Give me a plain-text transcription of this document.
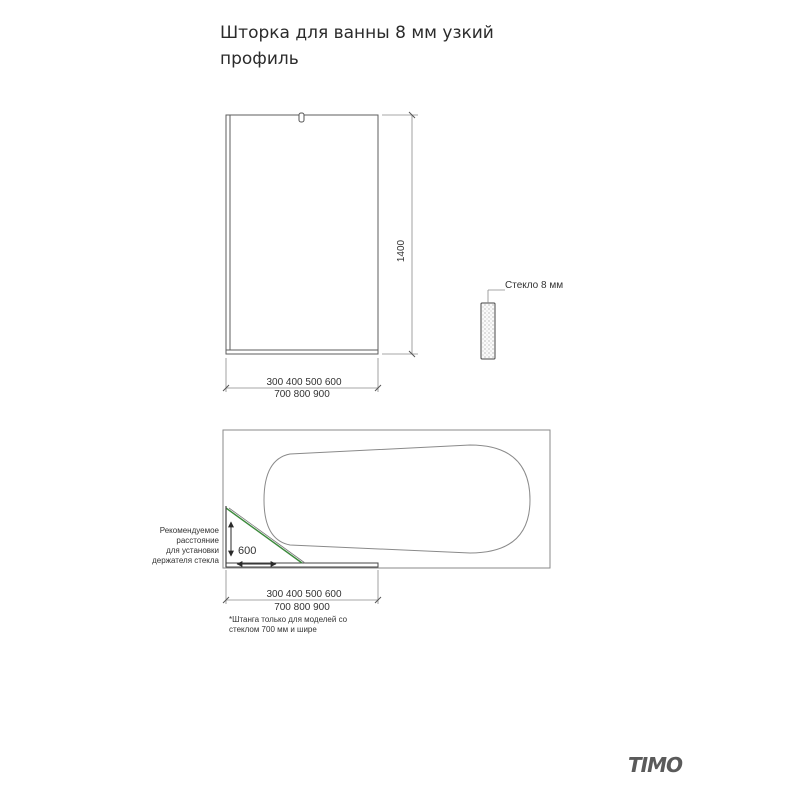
Шторка для ванны 8 мм узкий
профиль
1400
300 400 500 600
700 800 900
Стекло 8 мм
600
Рекомендуемое
расстояние
для установки
держателя стекла
300 400 500 600
700 800 900
*Штанга только для моделей со
стеклом 700 мм и шире
TIMO
